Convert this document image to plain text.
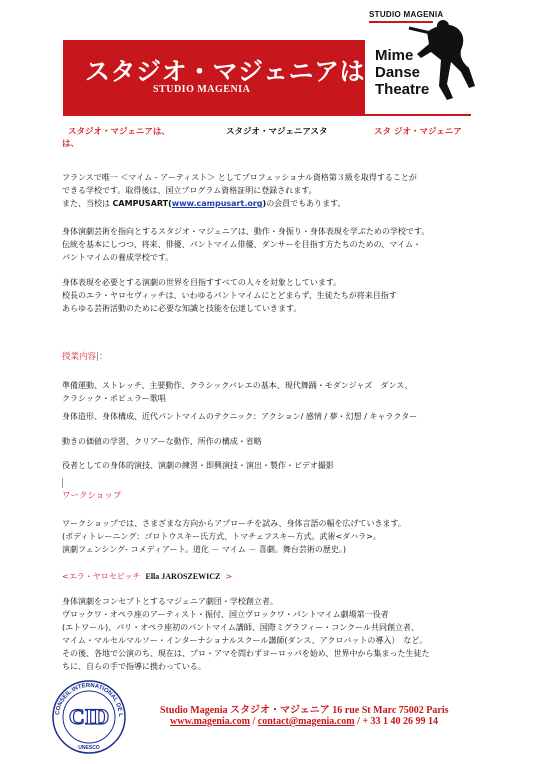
スタジオ・マジェニアは
STUDIO MAGENIA
STUDIO MAGENIA
Mime
Danse
Theatre
スタジオ・マジェニアは、	スタジオ・マジェニアスタ	スタ ジオ・マジェニア
は、
フランスで唯一 ＜マイム - アーティスト＞ としてプロフェッショナル資格第３級を取得することが
できる学校です。取得後は、国立プログラム資格証明に登録されます。
また、当校は CAMPUSART(www.campusart.org)の会員でもあります。
身体演劇芸術を指向とするスタジオ・マジェニアは、動作・身振り・身体表現を学ぶための学校です。
伝統を基本にしつつ、将来、俳優、パントマイム俳優、ダンサーを目指す方たちのための、マイム・
パントマイムの養成学校です。
身体表現を必要とする演劇の世界を目指すすべての人々を対象としています。
校長のエラ・ヤロセヴィッチは、いわゆるパントマイムにとどまらず、生徒たちが将来目指す
あらゆる芸術活動のために必要な知識と技能を伝達していきます。
授業内容 ：
準備運動、ストレッチ、主要動作、クラシックバレエの基本、現代舞踊・モダンジャズ　ダンス、
クラシック・ポピュラー歌唱
身体造形、身体構成、近代パントマイムのテクニック：アクション/ 感情 / 夢・幻想 / キャラクター
動きの価値の学習、クリアーな動作、所作の構成・省略
役者としての身体的演技、演劇の練習・即興演技・演出・製作・ビデオ撮影
ワークショップ
ワークショップでは、さまざまな方向からアプローチを試み、身体言語の幅を広げていきます。
(ボディトレーニング：ゴロトウスキー氏方式、トマチェフスキー方式。武術<ダハラ>。
演劇フェンシング- コメディアート。道化 － マイム － 喜劇。舞台芸術の歴史。)
<エラ・ヤロセビッチ Ella JAROSZEWICZ >
身体演劇をコンセプトとするマジェニア劇団・学校創立者。
ヴロックワ・オペラ座のアーティスト・振付、国立ヴロックワ・パントマイム劇場第一役者
(エトワール)、パリ・オペラ座初のパントマイム講師、国際ミグラフィー・コンクール共同創立者、
マイム・マルセルマルソー・インターナショナルスクール講師(ダンス、アクロバットの導入）　など。
その後、各地で公演のち、現在は、プロ・アマを問わずヨーロッパを始め、世界中から集まった生徒た
ちに、自らの手で指導に携わっている。
CONSEIL INTERNATIONAL DE L
CID
UNESCO
Studio Magenia スタジオ・マジェニア 16 rue St Marc 75002 Paris
www.magenia.com / contact@magenia.com / + 33 1 40 26 99 14
